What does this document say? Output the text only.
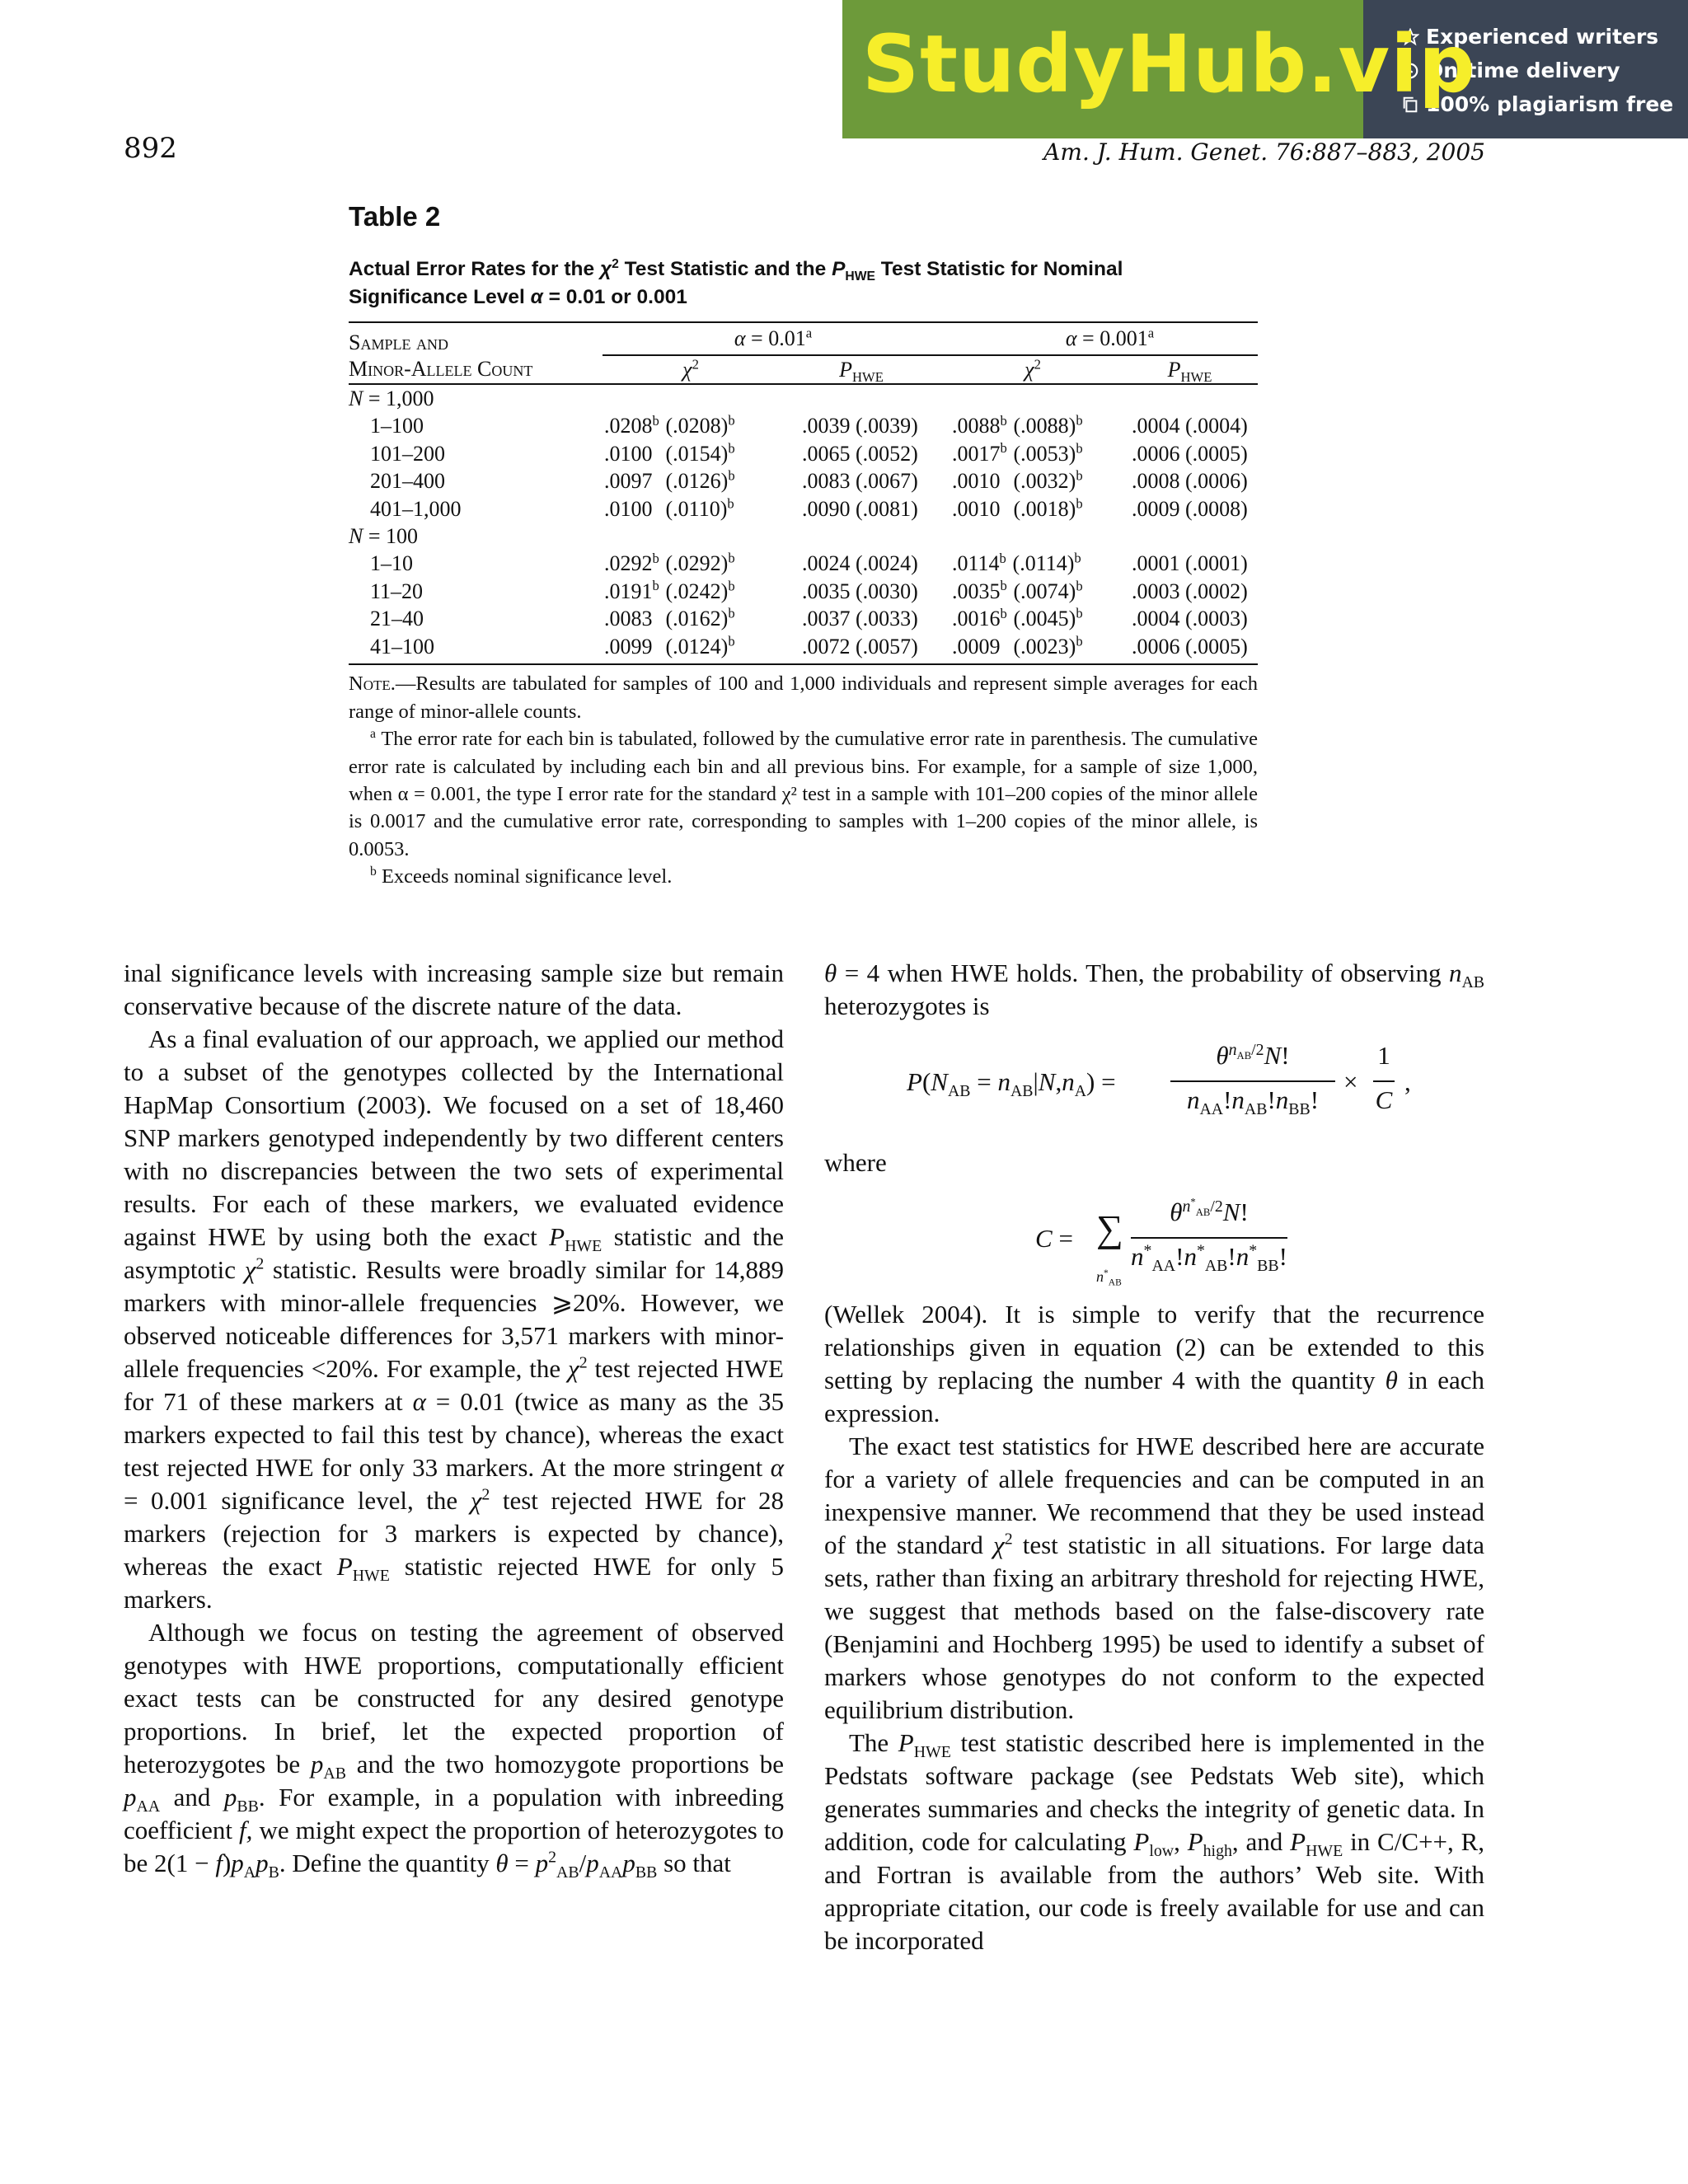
StudyHub.vip
Experienced writers
On-time delivery
100% plagiarism free
892	Am. J. Hum. Genet. 76:887–883, 2005
Table 2
Actual Error Rates for the $\chi^2$ Test Statistic and the $P_{HWE}$ Test Statistic for Nominal
Significance Level α = 0.01 or 0.001
Sample and	α = 0.01$^a$		α = 0.001$^a$
Minor-Allele Count	$\chi^2$	$P_{HWE}$	$\chi^2$	$P_{HWE}$
N = 1,000				
1–100	.0208$^b$ $(.0208)^b$	.0039 (.0039)	.0088$^b$ $(.0088)^b$	.0004 (.0004)
101–200	.0100 $(.0154)^b$	.0065 (.0052)	.0017$^b$ $(.0053)^b$	.0006 (.0005)
201–400	.0097 $(.0126)^b$	.0083 (.0067)	.0010 $(.0032)^b$	.0008 (.0006)
401–1,000	.0100 $(.0110)^b$	.0090 (.0081)	.0010 $(.0018)^b$	.0009 (.0008)
N = 100				
1–10	.0292$^b$ $(.0292)^b$	.0024 (.0024)	.0114$^b$ $(.0114)^b$	.0001 (.0001)
11–20	.0191$^b$ $(.0242)^b$	.0035 (.0030)	.0035$^b$ $(.0074)^b$	.0003 (.0002)
21–40	.0083 $(.0162)^b$	.0037 (.0033)	.0016$^b$ $(.0045)^b$	.0004 (.0003)
41–100	.0099 $(.0124)^b$	.0072 (.0057)	.0009 $(.0023)^b$	.0006 (.0005)
Note.—Results are tabulated for samples of 100 and 1,000 individuals and represent simple averages for each range of minor-allele counts.
$^a$ The error rate for each bin is tabulated, followed by the cumulative error rate in parenthesis. The cumulative error rate is calculated by including each bin and all previous bins. For example, for a sample of size 1,000, when α = 0.001, the type I error rate for the standard χ² test in a sample with 101–200 copies of the minor allele is 0.0017 and the cumulative error rate, corresponding to samples with 1–200 copies of the minor allele, is 0.0053.
$^b$ Exceeds nominal significance level.

inal significance levels with increasing sample size but remain conservative because of the discrete nature of the data.

As a final evaluation of our approach, we applied our method to a subset of the genotypes collected by the International HapMap Consortium (2003). We focused on a set of 18,460 SNP markers genotyped independently by two different centers with no discrepancies between the two sets of experimental results. For each of these markers, we evaluated evidence against HWE by using both the exact $P_{HWE}$ statistic and the asymptotic $\chi^2$ statistic. Results were broadly similar for 14,889 markers with minor-allele frequencies ⩾20%. However, we observed noticeable differences for 3,571 markers with minor-allele frequencies <20%. For example, the $\chi^2$ test rejected HWE for 71 of these markers at α = 0.01 (twice as many as the 35 markers expected to fail this test by chance), whereas the exact test rejected HWE for only 33 markers. At the more stringent α = 0.001 significance level, the $\chi^2$ test rejected HWE for 28 markers (rejection for 3 markers is expected by chance), whereas the exact $P_{HWE}$ statistic rejected HWE for only 5 markers.

Although we focus on testing the agreement of observed genotypes with HWE proportions, computationally efficient exact tests can be constructed for any desired genotype proportions. In brief, let the expected proportion of heterozygotes be $p_{AB}$ and the two homozygote proportions be $p_{AA}$ and $p_{BB}$. For example, in a population with inbreeding coefficient f, we might expect the proportion of heterozygotes to be $2(1 - f)p_Ap_B$. Define the quantity $\theta = p^2_{AB}/p_{AA}p_{BB}$ so that

θ = 4 when HWE holds. Then, the probability of observing $n_{AB}$ heterozygotes is

$P(N_{AB} = n_{AB}|N,n_A)$ =
$\theta^{n_{AB}/2}N$!
$n_{AA}!n_{AB}!n_{BB}$!
×
1
C
,

where

C = ∑
$n^*_{AB}$
$\theta^{n^*_{AB}/2}N$!
$n^*_{AA}!n^*_{AB}!n^*_{BB}$!

(Wellek 2004). It is simple to verify that the recurrence relationships given in equation (2) can be extended to this setting by replacing the number 4 with the quantity θ in each expression.

The exact test statistics for HWE described here are accurate for a variety of allele frequencies and can be computed in an inexpensive manner. We recommend that they be used instead of the standard $\chi^2$ test statistic in all situations. For large data sets, rather than fixing an arbitrary threshold for rejecting HWE, we suggest that methods based on the false-discovery rate (Benjamini and Hochberg 1995) be used to identify a subset of markers whose genotypes do not conform to the expected equilibrium distribution.

The $P_{HWE}$ test statistic described here is implemented in the Pedstats software package (see Pedstats Web site), which generates summaries and checks the integrity of genetic data. In addition, code for calculating $P_{low}$, $P_{high}$, and $P_{HWE}$ in C/C++, R, and Fortran is available from the authors’ Web site. With appropriate citation, our code is freely available for use and can be incorporated
